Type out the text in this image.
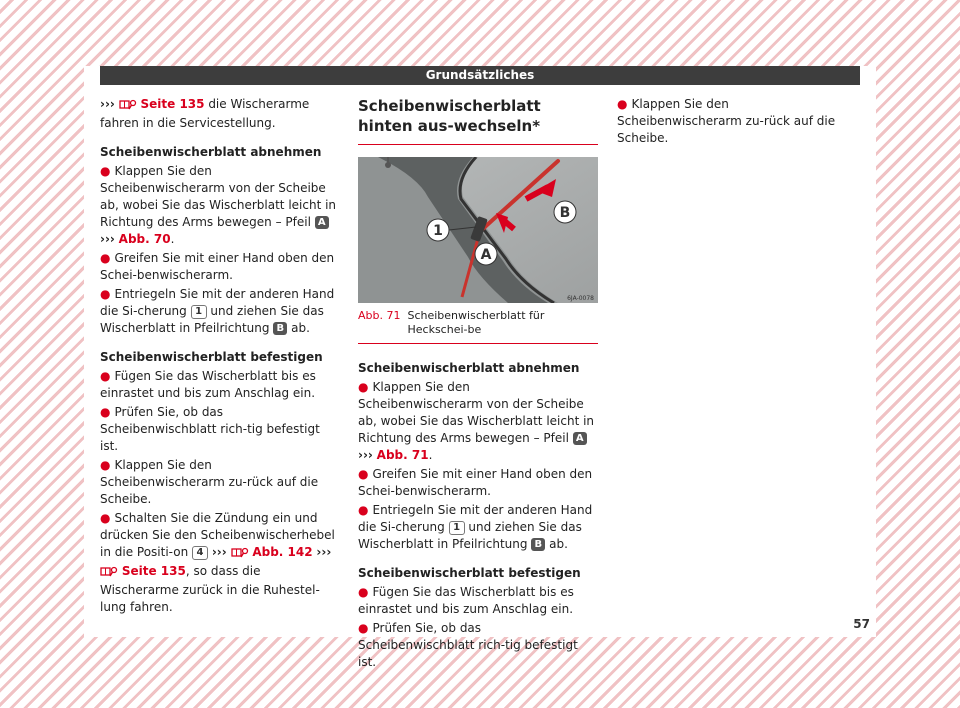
Grundsätzliches

››› Seite 135 die Wischerarme fahren in die Servicestellung.

Scheibenwischerblatt abnehmen

● Klappen Sie den Scheibenwischerarm von der Scheibe ab, wobei Sie das Wischerblatt leicht in Richtung des Arms bewegen – Pfeil A ››› Abb. 70.

● Greifen Sie mit einer Hand oben den Schei-benwischerarm.

● Entriegeln Sie mit der anderen Hand die Si-cherung 1 und ziehen Sie das Wischerblatt in Pfeilrichtung B ab.

Scheibenwischerblatt befestigen

● Fügen Sie das Wischerblatt bis es einrastet und bis zum Anschlag ein.

● Prüfen Sie, ob das Scheibenwischblatt rich-tig befestigt ist.

● Klappen Sie den Scheibenwischerarm zu-rück auf die Scheibe.

● Schalten Sie die Zündung ein und drücken Sie den Scheibenwischerhebel in die Positi-on 4 ››› Abb. 142 ›››  Seite 135, so dass die Wischerarme zurück in die Ruhestel-lung fahren.

Scheibenwischerblatt hinten aus-wechseln*
1
B
A
6JA-0078
Abb. 71 Scheibenwischerblatt für Heckschei-be

Scheibenwischerblatt abnehmen

● Klappen Sie den Scheibenwischerarm von der Scheibe ab, wobei Sie das Wischerblatt leicht in Richtung des Arms bewegen – Pfeil A ››› Abb. 71.

● Greifen Sie mit einer Hand oben den Schei-benwischerarm.

● Entriegeln Sie mit der anderen Hand die Si-cherung 1 und ziehen Sie das Wischerblatt in Pfeilrichtung B ab.

Scheibenwischerblatt befestigen

● Fügen Sie das Wischerblatt bis es einrastet und bis zum Anschlag ein.

● Prüfen Sie, ob das Scheibenwischblatt rich-tig befestigt ist.

● Klappen Sie den Scheibenwischerarm zu-rück auf die Scheibe.

57
